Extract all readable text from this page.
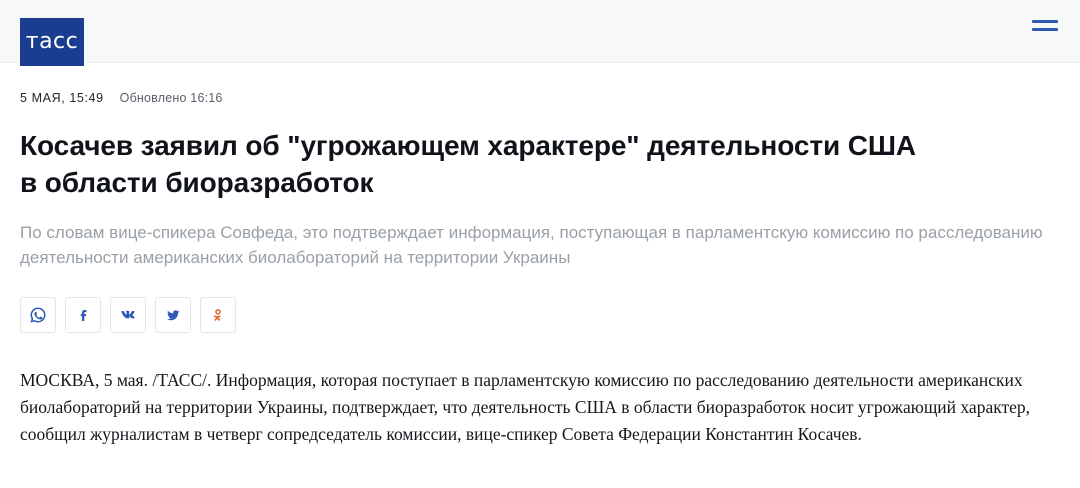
тасс
5 МАЯ, 15:49 Обновлено 16:16
Косачев заявил об "угрожающем характере" деятельности США в области биоразработок

По словам вице-спикера Совфеда, это подтверждает информация, поступающая в парламентскую комиссию по расследованию деятельности американских биолабораторий на территории Украины

МОСКВА, 5 мая. /ТАСС/. Информация, которая поступает в парламентскую комиссию по расследованию деятельности американских биолабораторий на территории Украины, подтверждает, что деятельность США в области биоразработок носит угрожающий характер, сообщил журналистам в четверг сопредседатель комиссии, вице-спикер Совета Федерации Константин Косачев.
